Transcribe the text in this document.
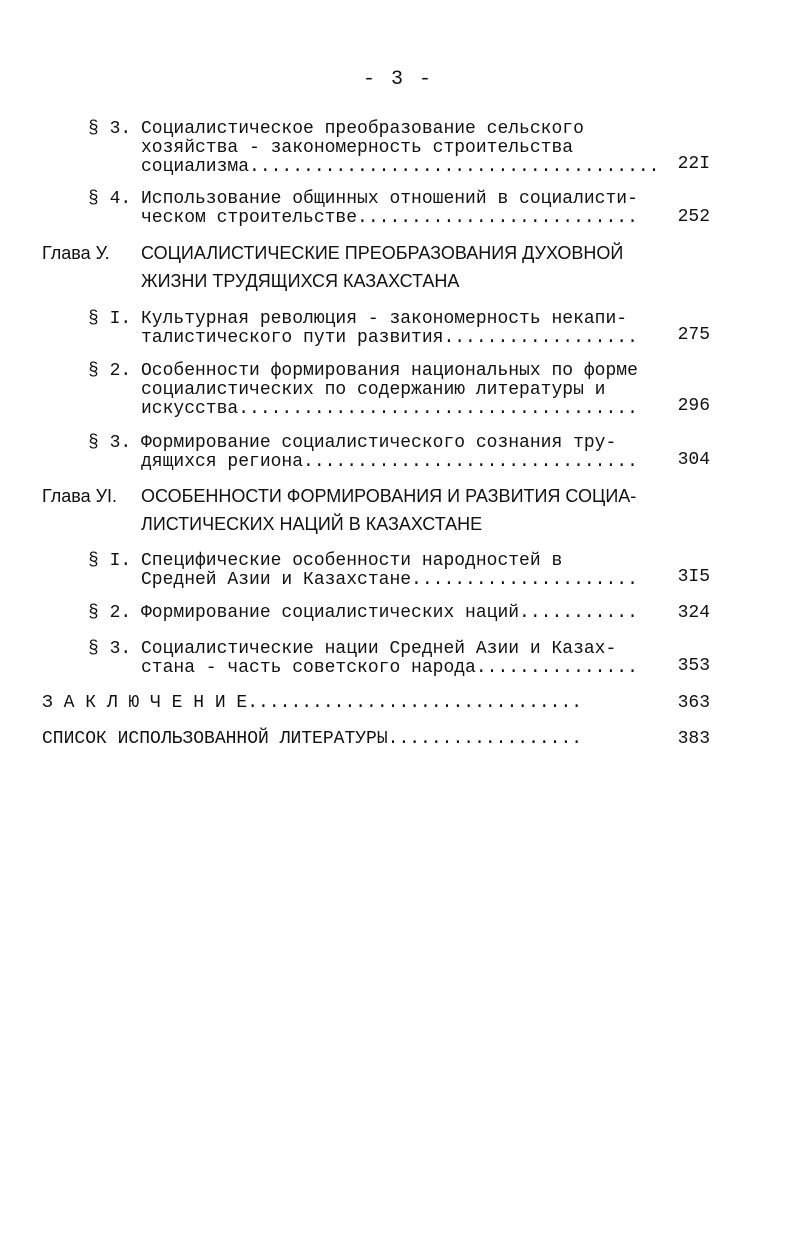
- 3 -
§ 3. Социалистическое преобразование сельского
хозяйства - закономерность строительства
социализма...................................... 22I
§ 4. Использование общинных отношений в социалисти-
ческом строительстве.......................... 252
Глава У. СОЦИАЛИСТИЧЕСКИЕ ПРЕОБРАЗОВАНИЯ ДУХОВНОЙ
ЖИЗНИ ТРУДЯЩИХСЯ КАЗАХСТАНА
§ I. Культурная революция - закономерность некапи-
талистического пути развития.................. 275
§ 2. Особенности формирования национальных по форме
социалистических по содержанию литературы и
искусства..................................... 296
§ 3. Формирование социалистического сознания тру-
дящихся региона............................... 304
Глава УI. ОСОБЕННОСТИ ФОРМИРОВАНИЯ И РАЗВИТИЯ СОЦИА-
ЛИСТИЧЕСКИХ НАЦИЙ В КАЗАХСТАНЕ
§ I. Специфические особенности народностей в
Средней Азии и Казахстане..................... 3I5
§ 2. Формирование социалистических наций........... 324
§ 3. Социалистические нации Средней Азии и Казах-
стана - часть советского народа............... 353
З А К Л Ю Ч Е Н И Е...............................	363
СПИСОК ИСПОЛЬЗОВАННОЙ ЛИТЕРАТУРЫ..................	383
